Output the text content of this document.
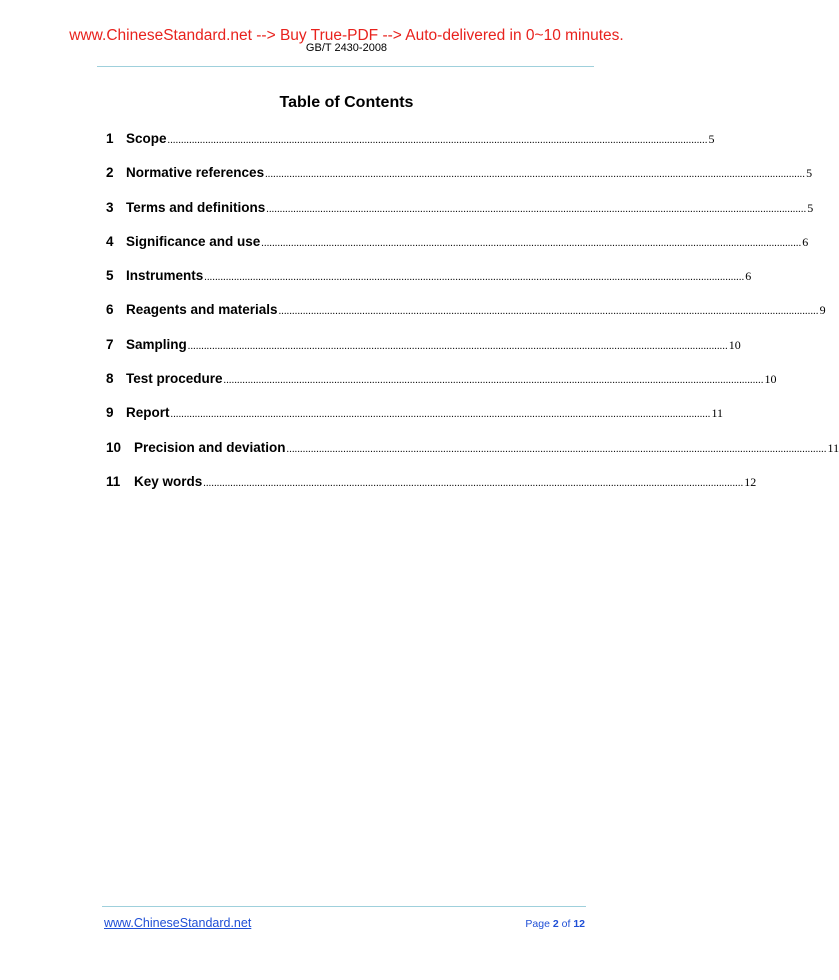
www.ChineseStandard.net --> Buy True-PDF --> Auto-delivered in 0~10 minutes.
GB/T 2430-2008
Table of Contents
1 Scope ........................................................................................................................................................................................................ 5
2 Normative references ........................................................................................................................................................................................................ 5
3 Terms and definitions ........................................................................................................................................................................................................ 5
4 Significance and use ........................................................................................................................................................................................................ 6
5 Instruments ........................................................................................................................................................................................................ 6
6 Reagents and materials ........................................................................................................................................................................................................ 9
7 Sampling ........................................................................................................................................................................................................ 10
8 Test procedure ........................................................................................................................................................................................................ 10
9 Report ........................................................................................................................................................................................................ 11
10 Precision and deviation ........................................................................................................................................................................................................ 11
11	Key words ........................................................................................................................................................................................................ 12
www.ChineseStandard.net	Page 2 of 12
